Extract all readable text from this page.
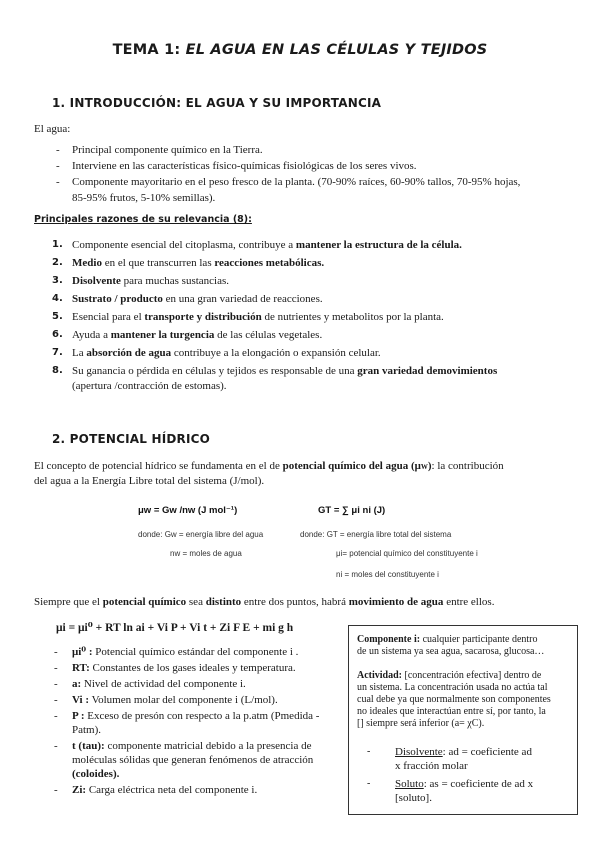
TEMA 1: EL AGUA EN LAS CÉLULAS Y TEJIDOS
1. INTRODUCCIÓN: EL AGUA Y SU IMPORTANCIA
El agua:
-	Principal componente químico en la Tierra.
-	Interviene en las características físico-químicas fisiológicas de los seres vivos.
-	Componente mayoritario en el peso fresco de la planta. (70-90% raíces, 60-90% tallos, 70-95% hojas,
85-95% frutos, 5-10% semillas).
Principales razones de su relevancia (8):
1. Componente esencial del citoplasma, contribuye a mantener la estructura de la célula.
2. Medio en el que transcurren las reacciones metabólicas.
3. Disolvente para muchas sustancias.
4. Sustrato / producto en una gran variedad de reacciones.
5. Esencial para el transporte y distribución de nutrientes y metabolitos por la planta.
6. Ayuda a mantener la turgencia de las células vegetales.
7. La absorción de agua contribuye a la elongación o expansión celular.
8. Su ganancia o pérdida en células y tejidos es responsable de una gran variedad demovimientos
(apertura /contracción de estomas).
2. POTENCIAL HÍDRICO
El concepto de potencial hídrico se fundamenta en el de potencial químico del agua (μW): la contribución
del agua a la Energía Libre total del sistema (J/mol).
μw = Gw /nw (J mol⁻¹)
donde: Gw = energía libre del agua
nw = moles de agua
GT = ∑ μi ni (J)
donde: GT = energía libre total del sistema
μi= potencial químico del constituyente i
ni = moles del constituyente i
Siempre que el potencial químico sea distinto entre dos puntos, habrá movimiento de agua entre ellos.
μi = μi⁰ + RT ln ai + Vi P + Vi t + Zi F E + mi g h
-	μi⁰ : Potencial químico estándar del componente i .
-	RT: Constantes de los gases ideales y temperatura.
-	a: Nivel de actividad del componente i.
-	Vi : Volumen molar del componente i (L/mol).
-	P : Exceso de presón con respecto a la p.atm (Pmedida -
Patm).
-	t (tau): componente matricial debido a la presencia de
moléculas sólidas que generan fenómenos de atracción
(coloides).
-	Zi: Carga eléctrica neta del componente i.
Componente i: cualquier participante dentro
de un sistema ya sea agua, sacarosa, glucosa…
Actividad: [concentración efectiva] dentro de
un sistema. La concentración usada no actúa tal
cual debe ya que normalmente son componentes
no ideales que interactúan entre sí, por tanto, la
[] siempre será inferior (a= χC).
- Disolvente: ad = coeficiente ad
x fracción molar
- Soluto: as = coeficiente de ad x
[soluto].
